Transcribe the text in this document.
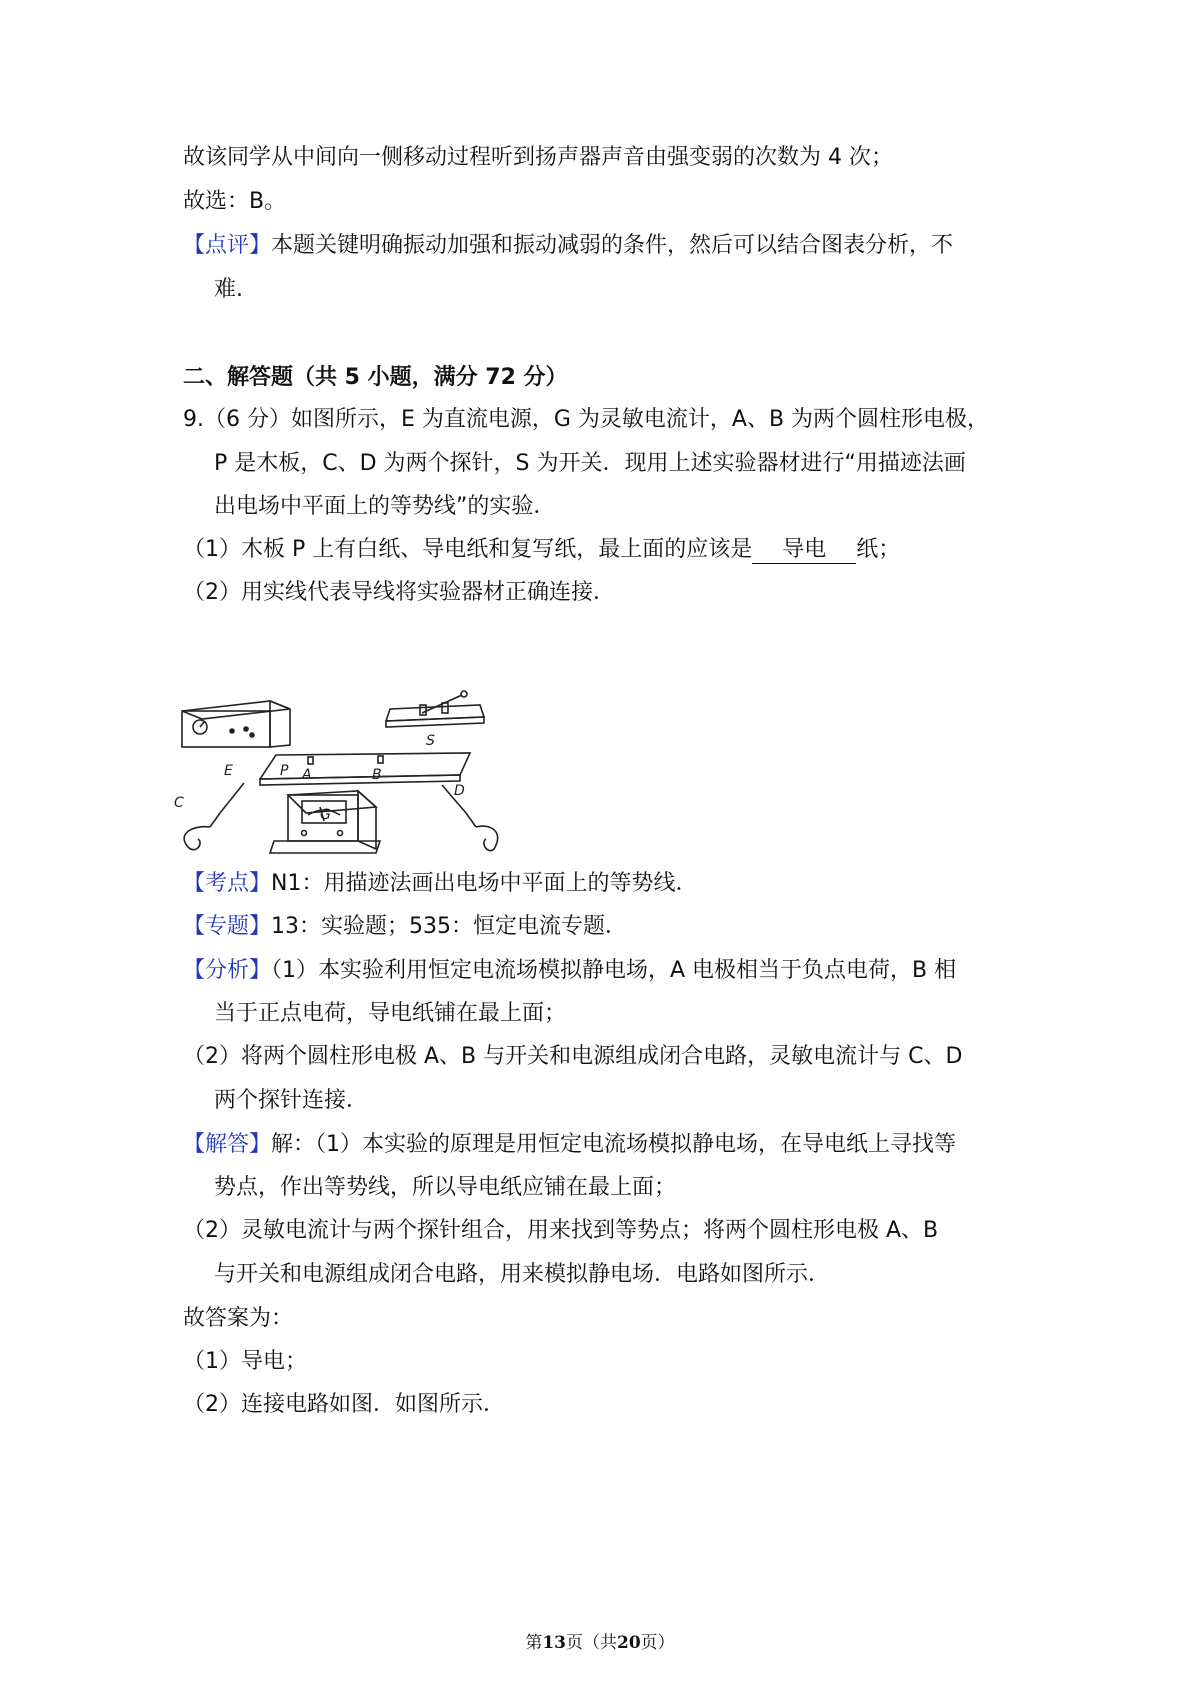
故该同学从中间向一侧移动过程听到扬声器声音由强变弱的次数为 4 次；
故选：B。
【点评】本题关键明确振动加强和振动减弱的条件，然后可以结合图表分析，不
难.
二、解答题（共 5 小题，满分 72 分）
9.（6 分）如图所示，E 为直流电源，G 为灵敏电流计，A、B 为两个圆柱形电极，
P 是木板，C、D 为两个探针，S 为开关．现用上述实验器材进行“用描迹法画
出电场中平面上的等势线”的实验．
（1）木板 P 上有白纸、导电纸和复写纸，最上面的应该是 导电 纸；
（2）用实线代表导线将实验器材正确连接．
E
S
P A	B
C
D
G
【考点】N1：用描迹法画出电场中平面上的等势线．
【专题】13：实验题；535：恒定电流专题．
【分析】（1）本实验利用恒定电流场模拟静电场，A 电极相当于负点电荷，B 相
当于正点电荷，导电纸铺在最上面；
（2）将两个圆柱形电极 A、B 与开关和电源组成闭合电路，灵敏电流计与 C、D
两个探针连接．
【解答】解：（1）本实验的原理是用恒定电流场模拟静电场，在导电纸上寻找等
势点，作出等势线，所以导电纸应铺在最上面；
（2）灵敏电流计与两个探针组合，用来找到等势点；将两个圆柱形电极 A、B
与开关和电源组成闭合电路，用来模拟静电场．电路如图所示．
故答案为：
（1）导电；
（2）连接电路如图．如图所示．
第13页（共20页）
